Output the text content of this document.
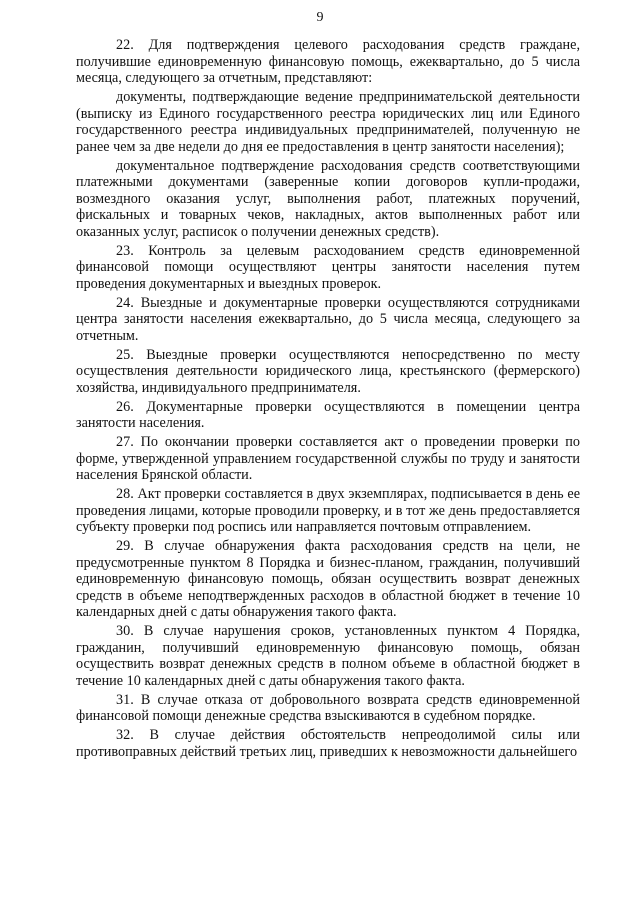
9

22. Для подтверждения целевого расходования средств граждане, получившие единовременную финансовую помощь, ежеквартально, до 5 числа месяца, следующего за отчетным, представляют:

документы, подтверждающие ведение предпринимательской деятельности (выписку из Единого государственного реестра юридических лиц или Единого государственного реестра индивидуальных предпринимателей, полученную не ранее чем за две недели до дня ее предоставления в центр занятости населения);

документальное подтверждение расходования средств соответствующими платежными документами (заверенные копии договоров купли-продажи, возмездного оказания услуг, выполнения работ, платежных поручений, фискальных и товарных чеков, накладных, актов выполненных работ или оказанных услуг, расписок о получении денежных средств).

23. Контроль за целевым расходованием средств единовременной финансовой помощи осуществляют центры занятости населения путем проведения документарных и выездных проверок.

24. Выездные и документарные проверки осуществляются сотрудниками центра занятости населения ежеквартально, до 5 числа месяца, следующего за отчетным.

25. Выездные проверки осуществляются непосредственно по месту осуществления деятельности юридического лица, крестьянского (фермерского) хозяйства, индивидуального предпринимателя.

26. Документарные проверки осуществляются в помещении центра занятости населения.

27. По окончании проверки составляется акт о проведении проверки по форме, утвержденной управлением государственной службы по труду и занятости населения Брянской области.

28. Акт проверки составляется в двух экземплярах, подписывается в день ее проведения лицами, которые проводили проверку, и в тот же день предоставляется субъекту проверки под роспись или направляется почтовым отправлением.

29. В случае обнаружения факта расходования средств на цели, не предусмотренные пунктом 8 Порядка и бизнес-планом, гражданин, получивший единовременную финансовую помощь, обязан осуществить возврат денежных средств в объеме неподтвержденных расходов в областной бюджет в течение 10 календарных дней с даты обнаружения такого факта.

30. В случае нарушения сроков, установленных пунктом 4 Порядка, гражданин, получивший единовременную финансовую помощь, обязан осуществить возврат денежных средств в полном объеме в областной бюджет в течение 10 календарных дней с даты обнаружения такого факта.

31. В случае отказа от добровольного возврата средств единовременной финансовой помощи денежные средства взыскиваются в судебном порядке.

32. В случае действия обстоятельств непреодолимой силы или противоправных действий третьих лиц, приведших к невозможности дальнейшего
